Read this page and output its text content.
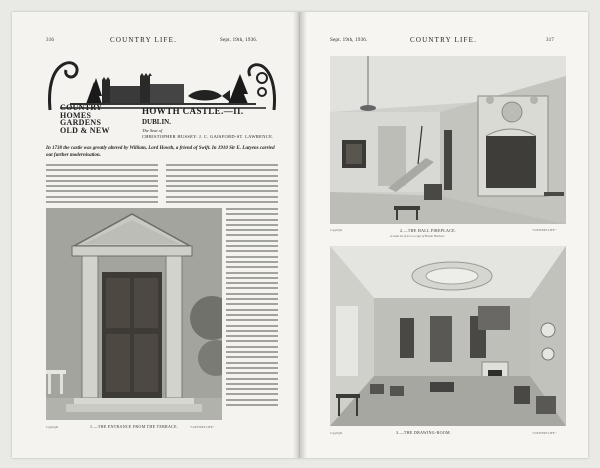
316	COUNTRY LIFE.	Sept. 19th, 1936.
COUNTRY
HOMES
GARDENS
OLD & NEW
HOWTH CASTLE.—II.
DUBLIN.
The Seat of
CHRISTOPHER HUSSEY. J. C. GAISFORD-ST. LAWRENCE.
In 1738 the castle was greatly altered by William, Lord Howth, a friend of Swift. In 1910 Sir E. Lutyens carried out further modernisation.
1.—THE ENTRANCE FROM THE TERRACE.
Copyright	"COUNTRY LIFE."
Sept. 19th, 1936.	COUNTRY LIFE.	317
2.—THE HALL FIREPLACE.
A small oil of an is a copy of Howth Harbour.
Copyright	"COUNTRY LIFE."
3.—THE DRAWING-ROOM.
Copyright	"COUNTRY LIFE."
